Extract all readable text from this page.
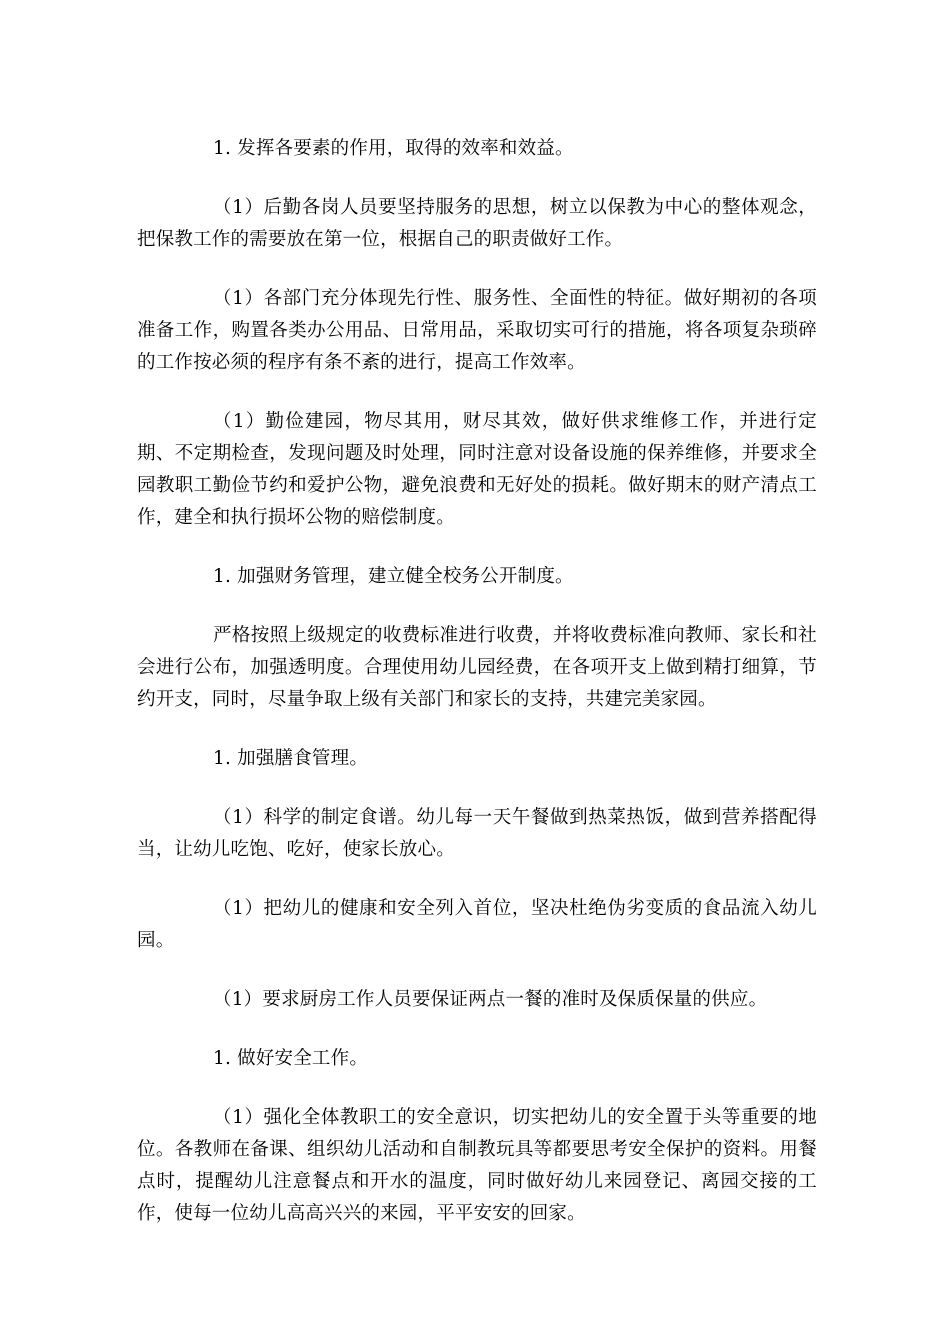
1. 发挥各要素的作用，取得的效率和效益。

（1）后勤各岗人员要坚持服务的思想，树立以保教为中心的整体观念，把保教工作的需要放在第一位，根据自己的职责做好工作。

（1）各部门充分体现先行性、服务性、全面性的特征。做好期初的各项准备工作，购置各类办公用品、日常用品，采取切实可行的措施，将各项复杂琐碎的工作按必须的程序有条不紊的进行，提高工作效率。

（1）勤俭建园，物尽其用，财尽其效，做好供求维修工作，并进行定期、不定期检查，发现问题及时处理，同时注意对设备设施的保养维修，并要求全园教职工勤俭节约和爱护公物，避免浪费和无好处的损耗。做好期末的财产清点工作，建全和执行损坏公物的赔偿制度。

1. 加强财务管理，建立健全校务公开制度。

严格按照上级规定的收费标准进行收费，并将收费标准向教师、家长和社会进行公布，加强透明度。合理使用幼儿园经费，在各项开支上做到精打细算，节约开支，同时，尽量争取上级有关部门和家长的支持，共建完美家园。

1. 加强膳食管理。

（1）科学的制定食谱。幼儿每一天午餐做到热菜热饭，做到营养搭配得当，让幼儿吃饱、吃好，使家长放心。

（1）把幼儿的健康和安全列入首位，坚决杜绝伪劣变质的食品流入幼儿园。

（1）要求厨房工作人员要保证两点一餐的准时及保质保量的供应。

1. 做好安全工作。

（1）强化全体教职工的安全意识，切实把幼儿的安全置于头等重要的地位。各教师在备课、组织幼儿活动和自制教玩具等都要思考安全保护的资料。用餐点时，提醒幼儿注意餐点和开水的温度，同时做好幼儿来园登记、离园交接的工作，使每一位幼儿高高兴兴的来园，平平安安的回家。
